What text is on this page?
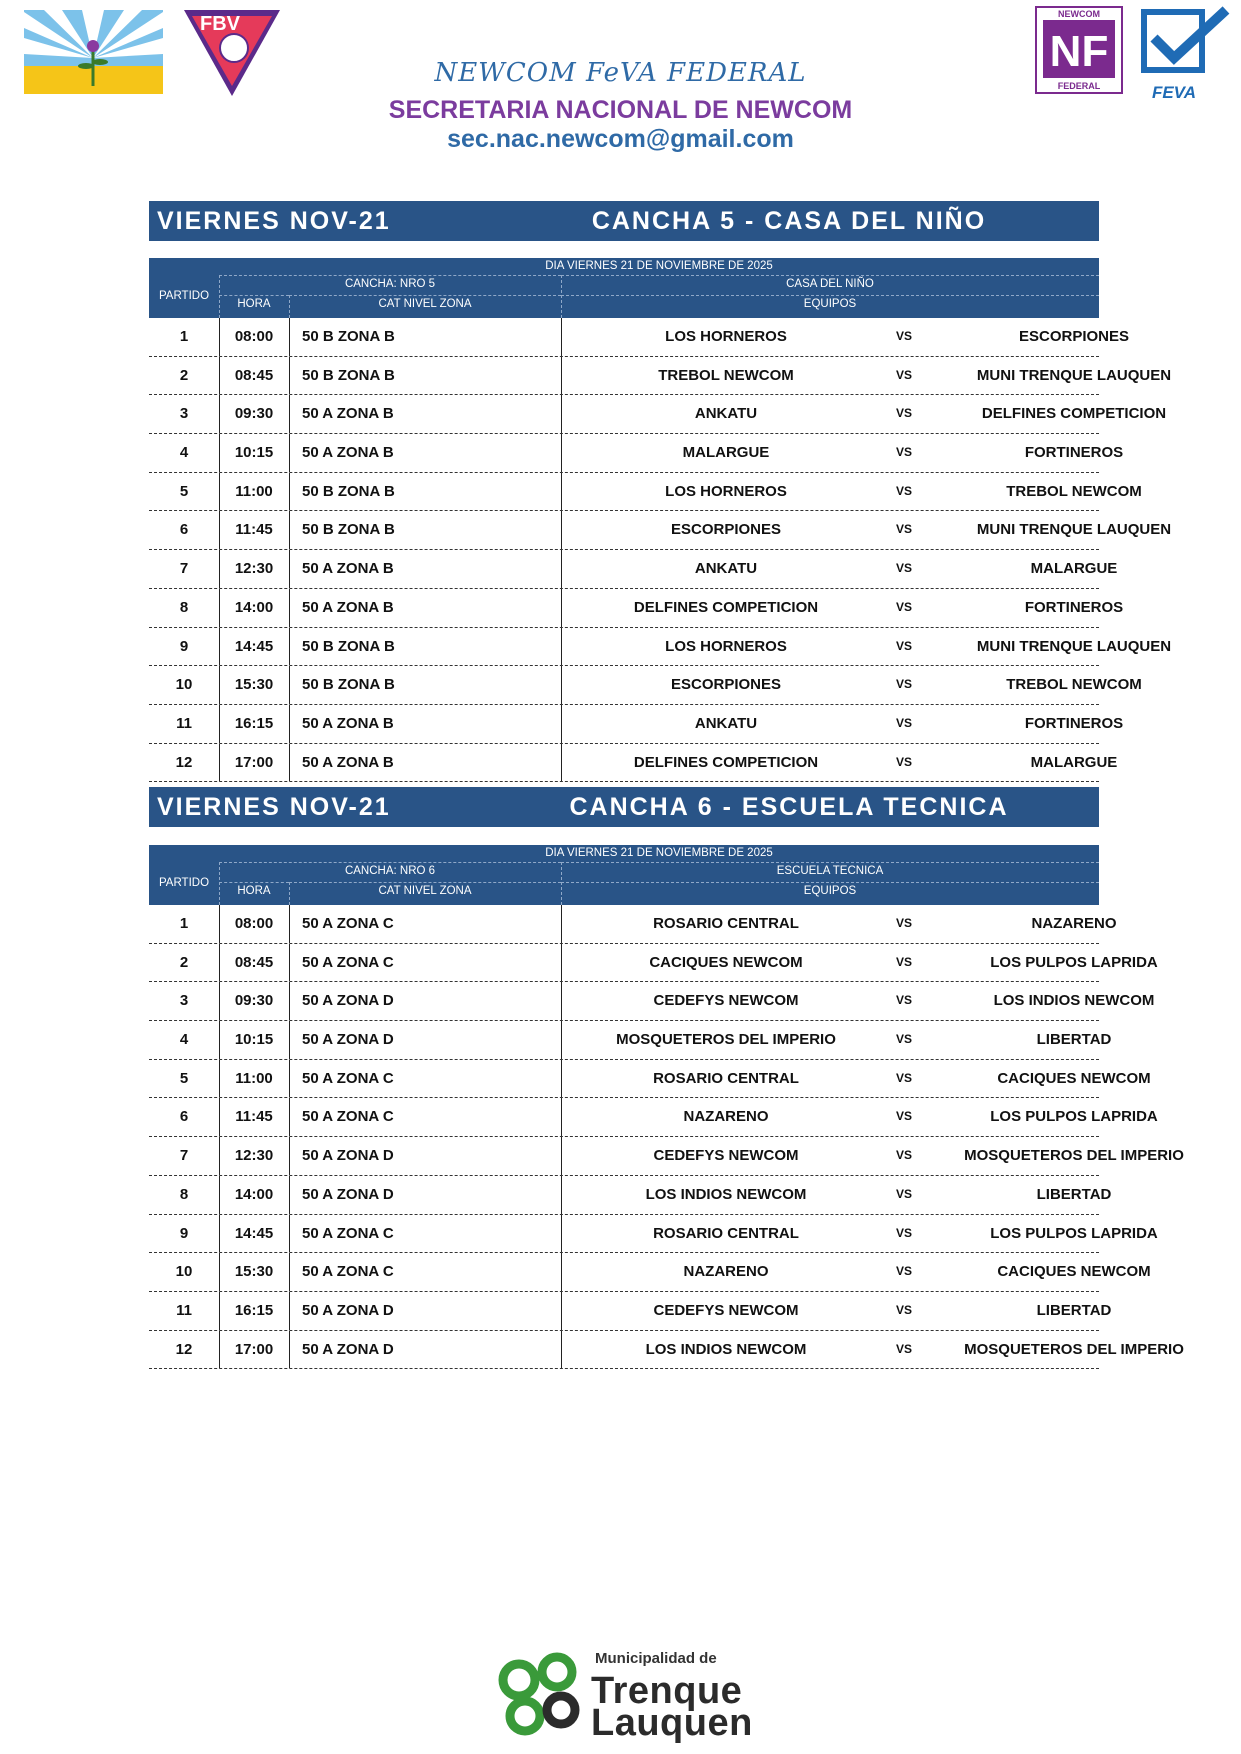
FBV
NF
NEWCOM
FEDERAL	FEVA
NEWCOM FeVA FEDERAL
SECRETARIA NACIONAL DE NEWCOM
sec.nac.newcom@gmail.com
VIERNES NOV-21	CANCHA 5 - CASA DEL NIÑO
DIA VIERNES 21 DE NOVIEMBRE DE 2025
PARTIDO
CANCHA: NRO 5	CASA DEL NIÑO
HORA	CAT NIVEL ZONA	EQUIPOS
1	08:00	50 B ZONA B	LOS HORNEROS	VS	ESCORPIONES
2	08:45	50 B ZONA B	TREBOL NEWCOM	VS	MUNI TRENQUE LAUQUEN
3	09:30	50 A ZONA B	ANKATU	VS	DELFINES COMPETICION
4	10:15	50 A ZONA B	MALARGUE	VS	FORTINEROS
5	11:00	50 B ZONA B	LOS HORNEROS	VS	TREBOL NEWCOM
6	11:45	50 B ZONA B	ESCORPIONES	VS	MUNI TRENQUE LAUQUEN
7	12:30	50 A ZONA B	ANKATU	VS	MALARGUE
8	14:00	50 A ZONA B	DELFINES COMPETICION	VS	FORTINEROS
9	14:45	50 B ZONA B	LOS HORNEROS	VS	MUNI TRENQUE LAUQUEN
10	15:30	50 B ZONA B	ESCORPIONES	VS	TREBOL NEWCOM
11	16:15	50 A ZONA B	ANKATU	VS	FORTINEROS
12	17:00	50 A ZONA B	DELFINES COMPETICION	VS	MALARGUE
VIERNES NOV-21	CANCHA 6 - ESCUELA TECNICA
DIA VIERNES 21 DE NOVIEMBRE DE 2025
PARTIDO
CANCHA: NRO 6	ESCUELA TECNICA
HORA	CAT NIVEL ZONA	EQUIPOS
1	08:00	50 A ZONA C	ROSARIO CENTRAL	VS	NAZARENO
2	08:45	50 A ZONA C	CACIQUES NEWCOM	VS	LOS PULPOS LAPRIDA
3	09:30	50 A ZONA D	CEDEFYS NEWCOM	VS	LOS INDIOS NEWCOM
4	10:15	50 A ZONA D	MOSQUETEROS DEL IMPERIO	VS	LIBERTAD
5	11:00	50 A ZONA C	ROSARIO CENTRAL	VS	CACIQUES NEWCOM
6	11:45	50 A ZONA C	NAZARENO	VS	LOS PULPOS LAPRIDA
7	12:30	50 A ZONA D	CEDEFYS NEWCOM	VS	MOSQUETEROS DEL IMPERIO
8	14:00	50 A ZONA D	LOS INDIOS NEWCOM	VS	LIBERTAD
9	14:45	50 A ZONA C	ROSARIO CENTRAL	VS	LOS PULPOS LAPRIDA
10	15:30	50 A ZONA C	NAZARENO	VS	CACIQUES NEWCOM
11	16:15	50 A ZONA D	CEDEFYS NEWCOM	VS	LIBERTAD
12	17:00	50 A ZONA D	LOS INDIOS NEWCOM	VS	MOSQUETEROS DEL IMPERIO
Municipalidad de
Trenque
Lauquen
